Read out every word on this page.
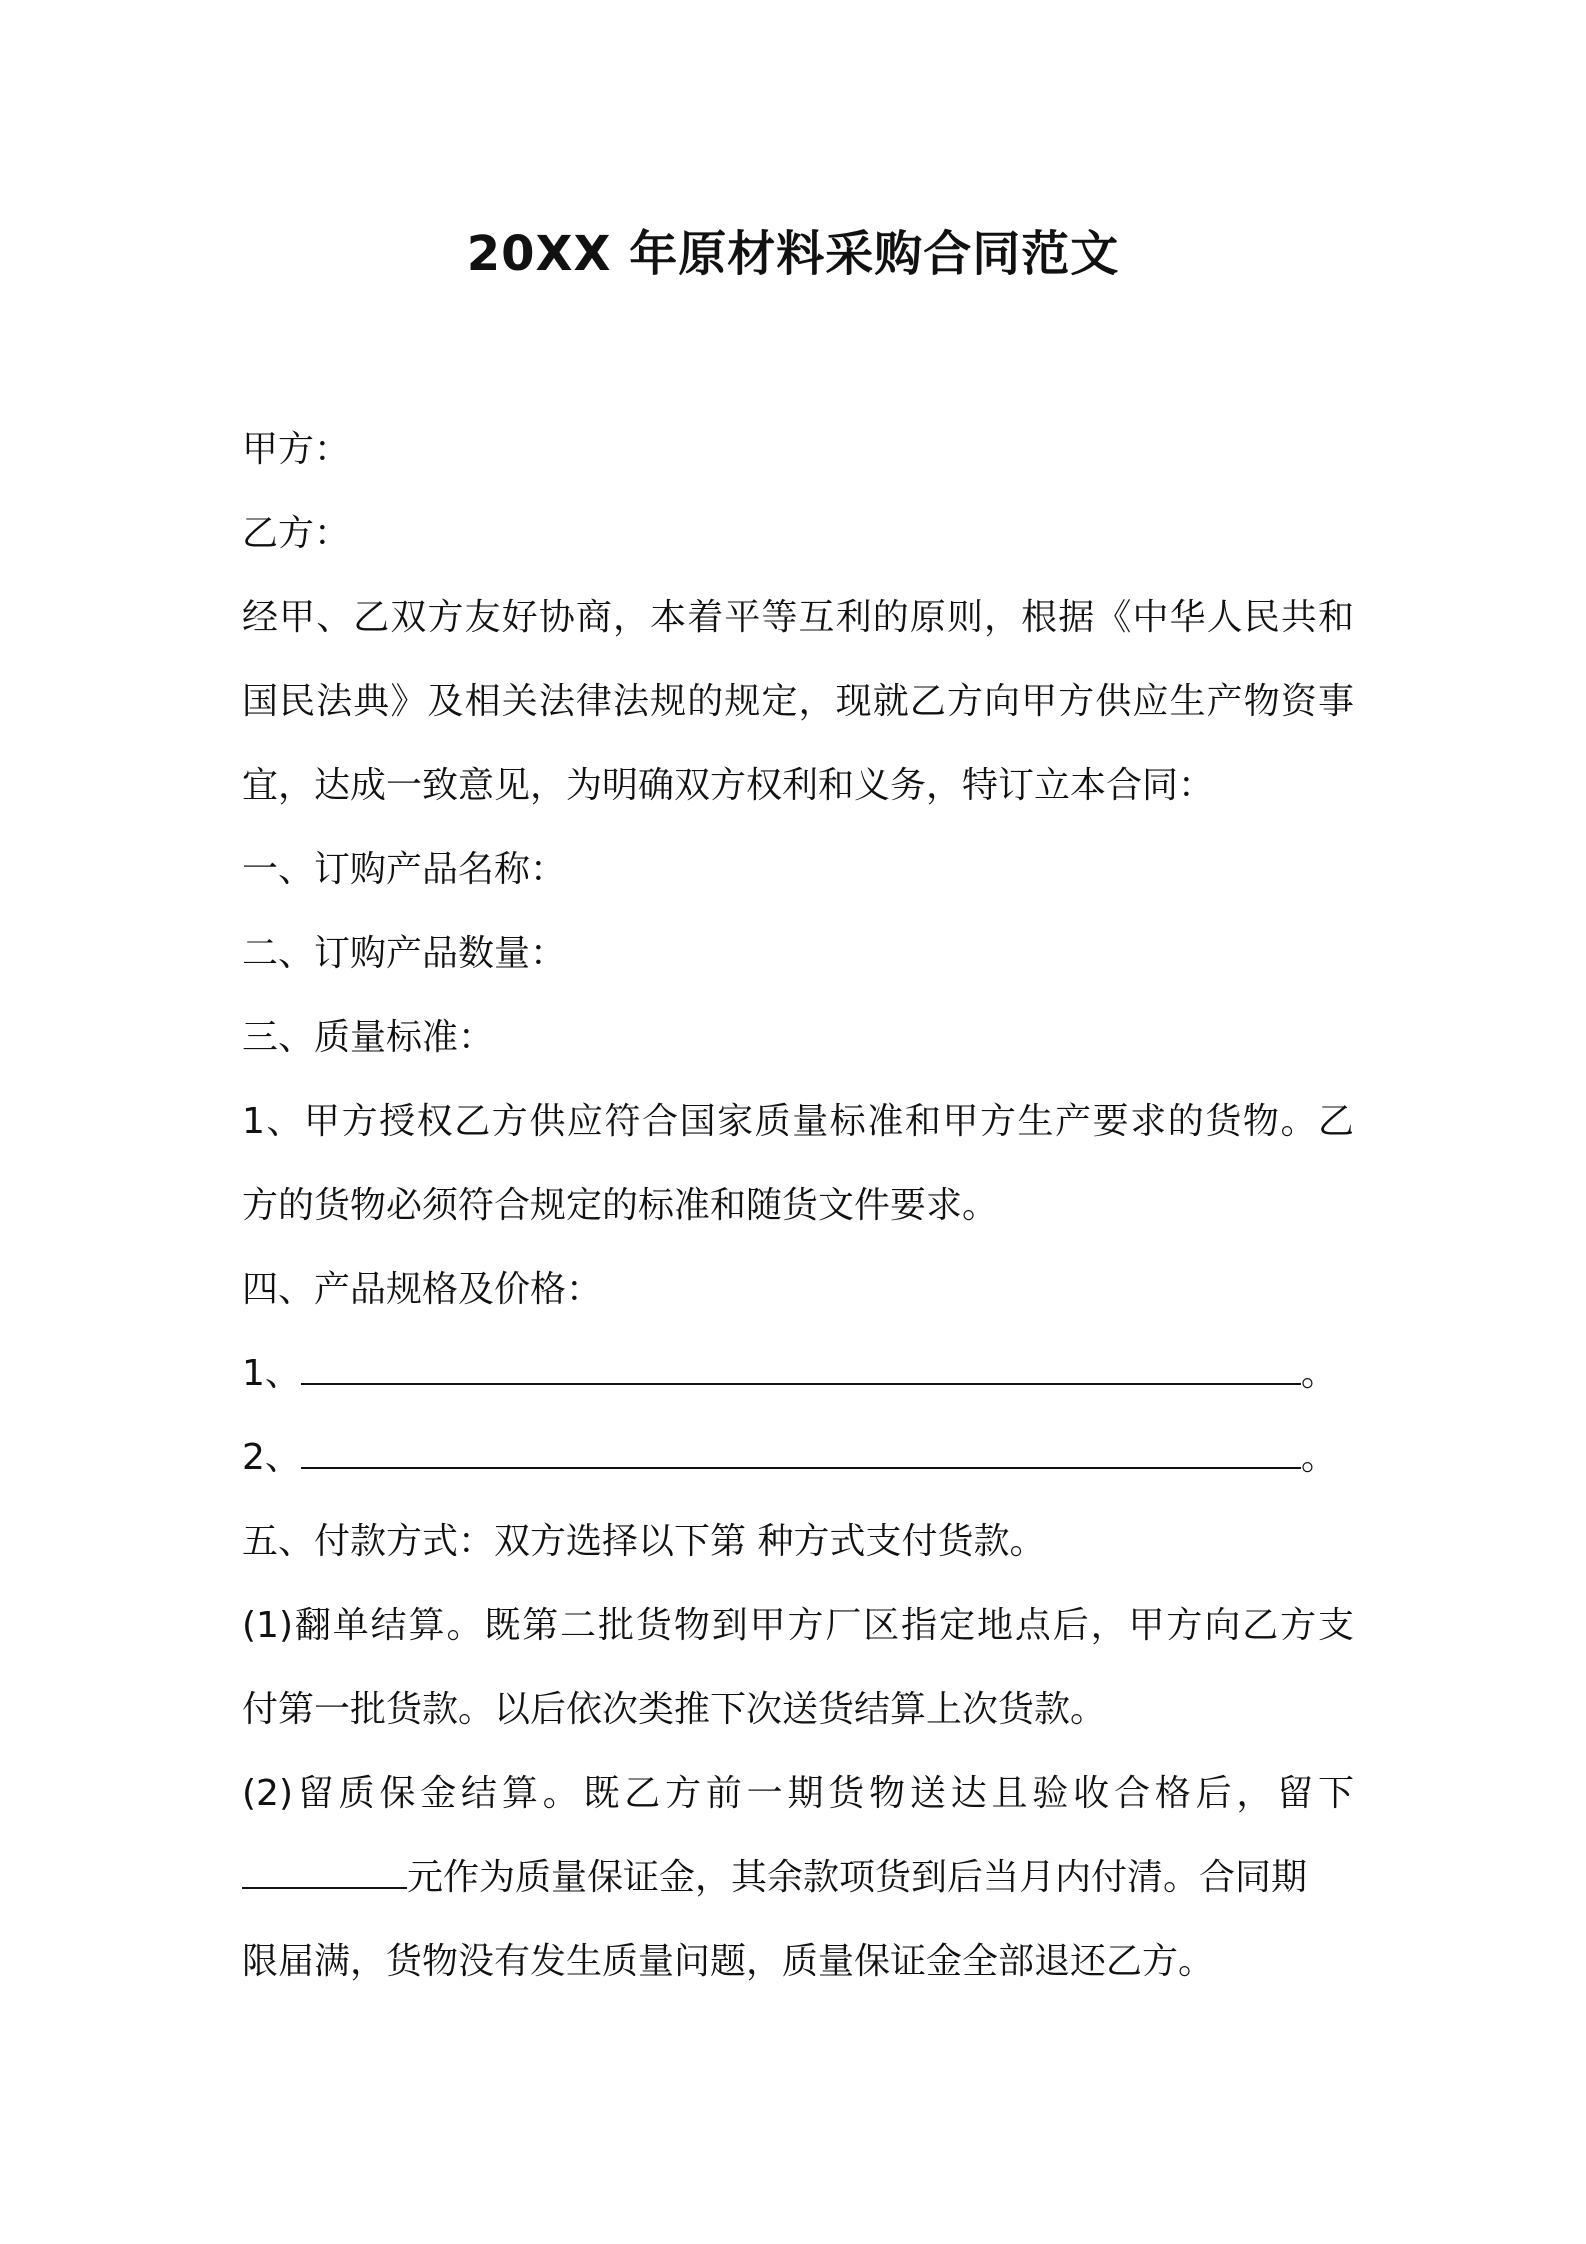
20XX 年原材料采购合同范文

甲方：

乙方：

经甲、乙双方友好协商，本着平等互利的原则，根据《中华人民共和

国民法典》及相关法律法规的规定，现就乙方向甲方供应生产物资事

宜，达成一致意见，为明确双方权利和义务，特订立本合同：

一、订购产品名称：

二、订购产品数量：

三、质量标准：

1、甲方授权乙方供应符合国家质量标准和甲方生产要求的货物。乙

方的货物必须符合规定的标准和随货文件要求。

四、产品规格及价格：

1、	。

2、	。

五、付款方式：双方选择以下第 种方式支付货款。

(1)翻单结算。既第二批货物到甲方厂区指定地点后，甲方向乙方支

付第一批货款。以后依次类推下次送货结算上次货款。

(2)留质保金结算。既乙方前一期货物送达且验收合格后，留下

元作为质量保证金，其余款项货到后当月内付清。合同期

限届满，货物没有发生质量问题，质量保证金全部退还乙方。
